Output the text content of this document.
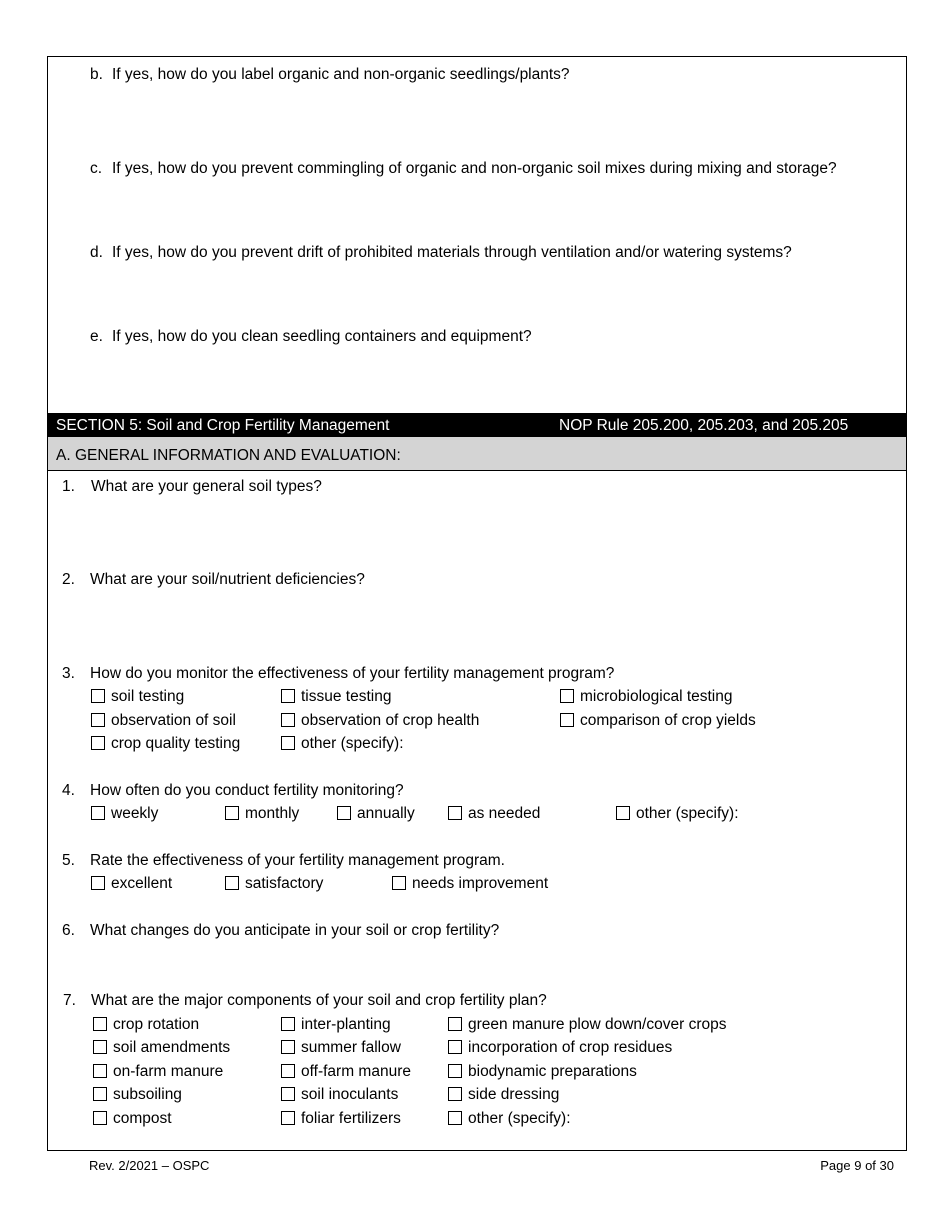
b. If yes, how do you label organic and non-organic seedlings/plants?
c. If yes, how do you prevent commingling of organic and non-organic soil mixes during mixing and storage?
d. If yes, how do you prevent drift of prohibited materials through ventilation and/or watering systems?
e. If yes, how do you clean seedling containers and equipment?
SECTION 5: Soil and Crop Fertility Management	NOP Rule 205.200, 205.203, and 205.205
A. GENERAL INFORMATION AND EVALUATION:
1. What are your general soil types?
2. What are your soil/nutrient deficiencies?
3. How do you monitor the effectiveness of your fertility management program?
soil testing	tissue testing	microbiological testing
observation of soil	observation of crop health	comparison of crop yields
crop quality testing	other (specify):
4. How often do you conduct fertility monitoring?
weekly	monthly	annually	as needed	other (specify):
5. Rate the effectiveness of your fertility management program.
excellent	satisfactory	needs improvement
6. What changes do you anticipate in your soil or crop fertility?
7. What are the major components of your soil and crop fertility plan?
crop rotation	inter-planting	green manure plow down/cover crops
soil amendments	summer fallow	incorporation of crop residues
on-farm manure	off-farm manure	biodynamic preparations
subsoiling	soil inoculants	side dressing
compost	foliar fertilizers	other (specify):
Rev. 2/2021 – OSPC	Page 9 of 30
